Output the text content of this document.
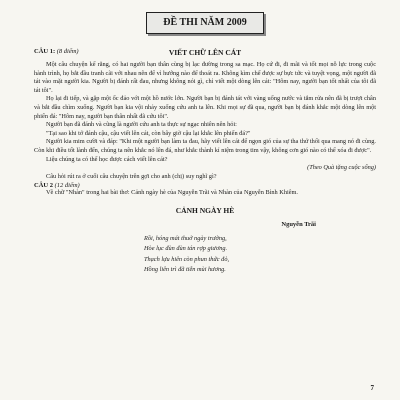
ĐỀ THI NĂM 2009
CÂU 1: (8 điểm)	VIẾT CHỮ LÊN CÁT

Một câu chuyện kể rằng, có hai người bạn thân cùng bị lạc đường trong sa mạc. Họ cứ đi, đi mãi và tốt mọi nỗ lực trong cuộc hành trình, họ bắt đầu tranh cãi với nhau nên để vì hướng nào để thoát ra. Không kìm chế được sự bực tức và tuyệt vọng, một người đã tát vào mặt người kia. Người bị đánh rất đau, nhưng không nói gì, chỉ viết một dòng lên cát: "Hôm nay, người bạn tốt nhất của tôi đã tát tôi".

Họ lại đi tiếp, và gặp một ốc đảo với một hồ nước lớn. Người bạn bị đánh tát với vàng uống nước và tắm rửa nên đã bị trượt chân và bắt đầu chìm xuống. Người bạn kia vội nhảy xuống cứu anh ta lên. Khi mọi sự đã qua, người bạn bị đánh khắc một dòng lên một phiến đá: "Hôm nay, người bạn thân nhất đã cứu tôi".

Người bạn đã đánh và cũng là người cứu anh ta thực sự ngạc nhiên nên hỏi:

"Tại sao khi tớ đánh cậu, cậu viết lên cát, còn bây giờ cậu lại khắc lên phiến đá?"

Người kia mim cười và đáp: "Khi một người bạn làm ta đau, hãy viết lên cát để ngọn gió của sự tha thứ thổi qua mang nó đi cùng. Còn khi điều tốt lành đến, chúng ta nên khắc nó lên đá, như khắc thành kỉ niệm trong tim vậy, không cơn gió nào có thể xóa đi được".

Liệu chúng ta có thể học được cách viết lên cát?

(Theo Quà tặng cuộc sống)

Câu hỏi rút ra ở cuối câu chuyện trên gợi cho anh (chị) suy nghĩ gì?

CÂU 2 (12 điểm)

Về chữ "Nhàn" trong hai bài thơ: Cảnh ngày hè của Nguyễn Trãi và Nhàn của Nguyễn Bỉnh Khiêm.

CẢNH NGÀY HÈ
Nguyễn Trãi
Rồi, hóng mát thuở ngày trường,
Hòe lục đùn đùn tán rợp giương.
Thạch lựu hiên còn phun thức đỏ,
Hồng liên trì đã tiễn mùi hương.
7
